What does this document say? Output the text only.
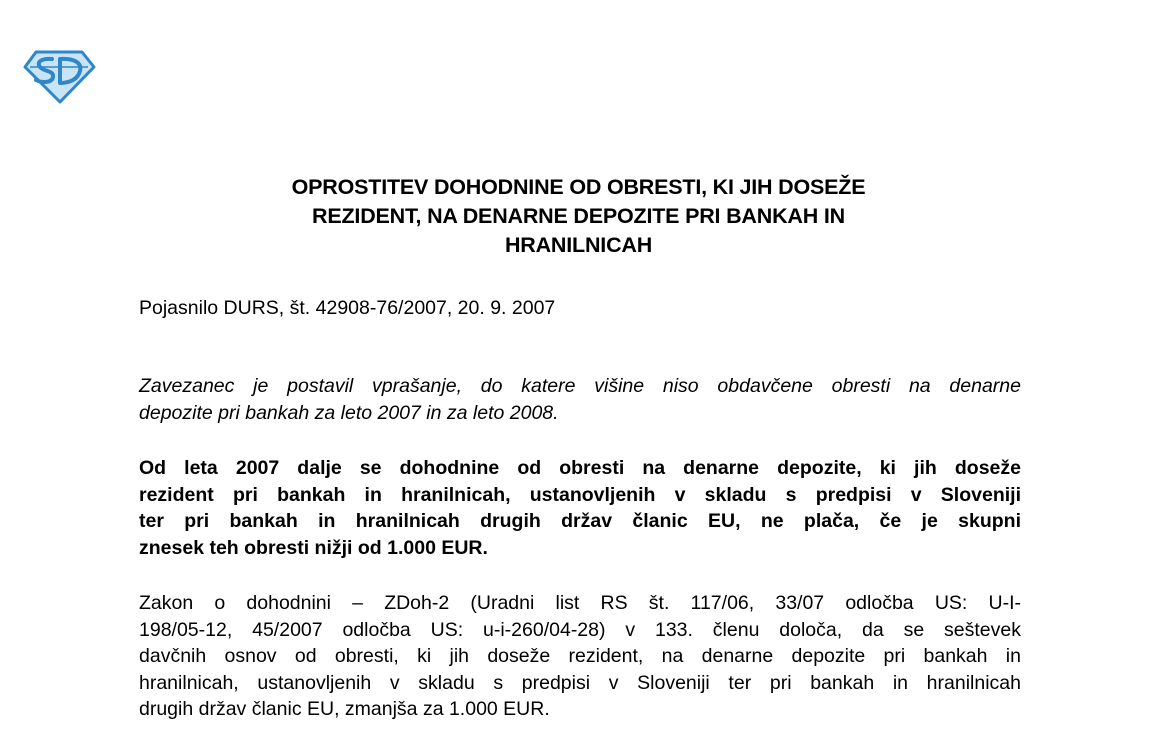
OPROSTITEV DOHODNINE OD OBRESTI, KI JIH DOSEŽE
REZIDENT, NA DENARNE DEPOZITE PRI BANKAH IN
HRANILNICAH

Pojasnilo DURS, št. 42908-76/2007, 20. 9. 2007

Zavezanec je postavil vprašanje, do katere višine niso obdavčene obresti na denarne
depozite pri bankah za leto 2007 in za leto 2008.

Od leta 2007 dalje se dohodnine od obresti na denarne depozite, ki jih doseže
rezident pri bankah in hranilnicah, ustanovljenih v skladu s predpisi v Sloveniji
ter pri bankah in hranilnicah drugih držav članic EU, ne plača, če je skupni
znesek teh obresti nižji od 1.000 EUR.

Zakon o dohodnini – ZDoh-2 (Uradni list RS št. 117/06, 33/07 odločba US: U-I-
198/05-12, 45/2007 odločba US: u-i-260/04-28) v 133. členu določa, da se seštevek
davčnih osnov od obresti, ki jih doseže rezident, na denarne depozite pri bankah in
hranilnicah, ustanovljenih v skladu s predpisi v Sloveniji ter pri bankah in hranilnicah
drugih držav članic EU, zmanjša za 1.000 EUR.
